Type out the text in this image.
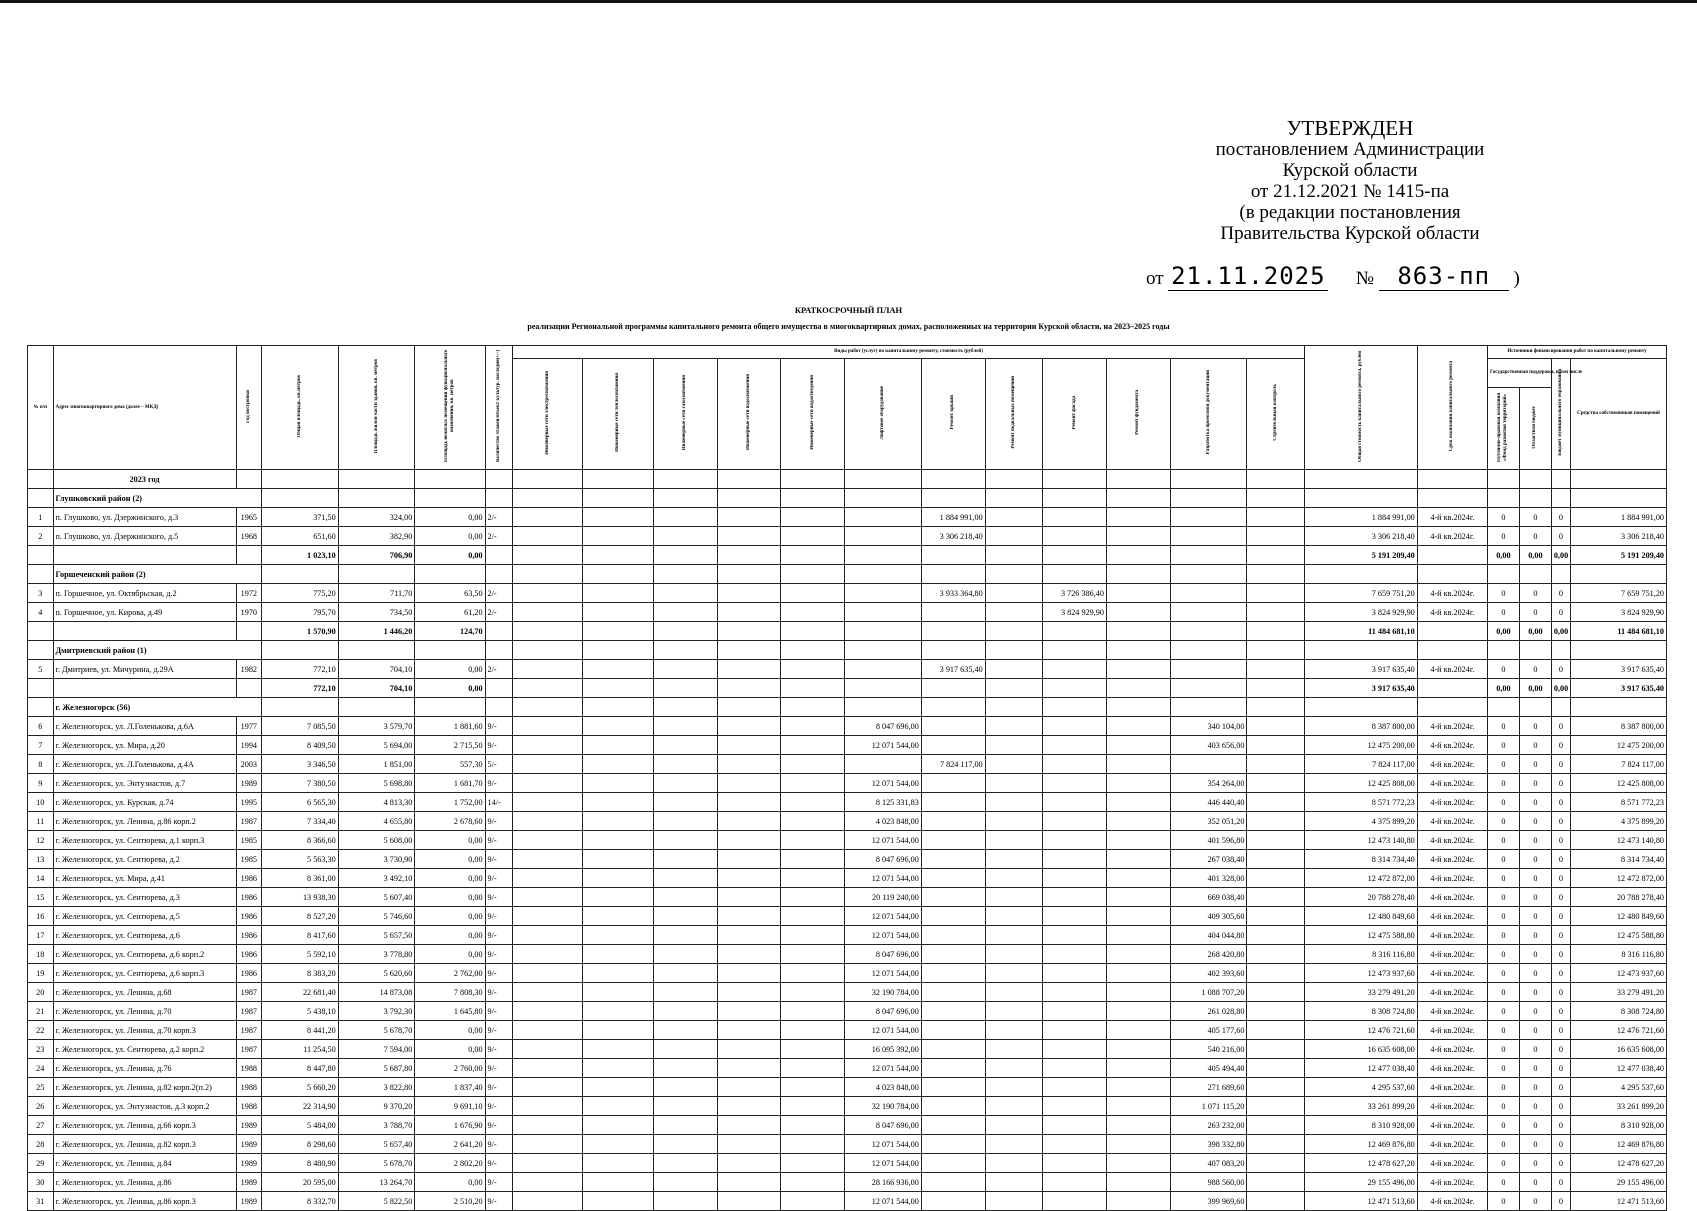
УТВЕРЖДЕН
постановлением Администрации
Курской области
от 21.12.2021 № 1415-па
(в редакции постановления
Правительства Курской области
от 21.11.2025 № 863-пп )
КРАТКОСРОЧНЫЙ ПЛАН
реализации Региональной программы капитального ремонта общего имущества в многоквартирных домах, расположенных на территории Курской области, на 2023–2025 годы
№ п/п	Адрес многоквартирного дома (далее – МКД)	Год постройки	Общая площадь, кв.метров	Площадь жилой части здания, кв. метров	Площадь нежилых помещений функционального назначения, кв. метров	Количество этажей/объект культур. наследия(+/-)	Виды работ (услуг) по капитальному ремонту, стоимость (рублей)												Общая стоимость капитального ремонта, рублей	Срок окончания капитального ремонта	Источники финансирования работ по капитальному ремонту			
							Инженерные сети электроснабжения	Инженерные сети теплоснабжения	Инженерные сети газоснабжения	Инженерные сети водоснабжения	Инженерные сети водоотведения	Лифтовое оборудование	Ремонт крыши	Ремонт подвальных помещений	Ремонт фасада	Ремонт фундамента	Разработка проектной документации	Строительный контроль			Государственная поддержка, в том числе		Бюджет муниципального образования	Средства собственников помещений
																					Публично-правовая компания «Фонд развития территорий»	Областной бюджет		
	2023 год																							
	Глушковский район (2)																							
1	п. Глушково, ул. Дзержинского, д.3	1965	371,50	324,00	0,00	2/-							1 884 991,00						1 884 991,00	4-й кв.2024г.	0	0	0	1 884 991,00
2	п. Глушково, ул. Дзержинского, д.5	1968	651,60	382,90	0,00	2/-							3 306 218,40						3 306 218,40	4-й кв.2024г.	0	0	0	3 306 218,40
			1 023,10	706,90	0,00														5 191 209,40		0,00	0,00	0,00	5 191 209,40
	Горшеченский район (2)																							
3	п. Горшечное, ул. Октябрьская, д.2	1972	775,20	711,70	63,50	2/-							3 933 364,80		3 726 386,40				7 659 751,20	4-й кв.2024г.	0	0	0	7 659 751,20
4	п. Горшечное, ул. Кирова, д.49	1970	795,70	734,50	61,20	2/-									3 824 929,90				3 824 929,90	4-й кв.2024г.	0	0	0	3 824 929,90
			1 570,90	1 446,20	124,70														11 484 681,10		0,00	0,00	0,00	11 484 681,10
	Дмитриевский район (1)																							
5	г. Дмитриев, ул. Мичурина, д.29А	1982	772,10	704,10	0,00	2/-							3 917 635,40						3 917 635,40	4-й кв.2024г.	0	0	0	3 917 635,40
			772,10	704,10	0,00														3 917 635,40		0,00	0,00	0,00	3 917 635,40
	г. Железногорск (56)																							
6	г. Железногорск, ул. Л.Голенькова, д.6А	1977	7 085,50	3 579,70	1 881,60	9/-						8 047 696,00					340 104,00		8 387 800,00	4-й кв.2024г.	0	0	0	8 387 800,00
7	г. Железногорск, ул. Мира, д.20	1994	8 409,50	5 694,00	2 715,50	9/-						12 071 544,00					403 656,00		12 475 200,00	4-й кв.2024г.	0	0	0	12 475 200,00
8	г. Железногорск, ул. Л.Голенькова, д.4А	2003	3 346,50	1 851,00	557,30	5/-							7 824 117,00						7 824 117,00	4-й кв.2024г.	0	0	0	7 824 117,00
9	г. Железногорск, ул. Энтузиастов, д.7	1989	7 380,50	5 698,80	1 681,70	9/-						12 071 544,00					354 264,00		12 425 808,00	4-й кв.2024г.	0	0	0	12 425 808,00
10	г. Железногорск, ул. Курская, д.74	1995	6 565,30	4 813,30	1 752,00	14/-						8 125 331,83					446 440,40		8 571 772,23	4-й кв.2024г.	0	0	0	8 571 772,23
11	г. Железногорск, ул. Ленина, д.86 корп.2	1987	7 334,40	4 655,80	2 678,60	9/-						4 023 848,00					352 051,20		4 375 899,20	4-й кв.2024г.	0	0	0	4 375 899,20
12	г. Железногорск, ул. Сентюрева, д.1 корп.3	1985	8 366,60	5 608,00	0,00	9/-						12 071 544,00					401 596,80		12 473 140,80	4-й кв.2024г.	0	0	0	12 473 140,80
13	г. Железногорск, ул. Сентюрева, д.2	1985	5 563,30	3 730,90	0,00	9/-						8 047 696,00					267 038,40		8 314 734,40	4-й кв.2024г.	0	0	0	8 314 734,40
14	г. Железногорск, ул. Мира, д.41	1986	8 361,00	3 492,10	0,00	9/-						12 071 544,00					401 328,00		12 472 872,00	4-й кв.2024г.	0	0	0	12 472 872,00
15	г. Железногорск, ул. Сентюрева, д.3	1986	13 938,30	5 607,40	0,00	9/-						20 119 240,00					669 038,40		20 788 278,40	4-й кв.2024г.	0	0	0	20 788 278,40
16	г. Железногорск, ул. Сентюрева, д.5	1986	8 527,20	5 746,60	0,00	9/-						12 071 544,00					409 305,60		12 480 849,60	4-й кв.2024г.	0	0	0	12 480 849,60
17	г. Железногорск, ул. Сентюрева, д.6	1986	8 417,60	5 657,50	0,00	9/-						12 071 544,00					404 044,80		12 475 588,80	4-й кв.2024г.	0	0	0	12 475 588,80
18	г. Железногорск, ул. Сентюрева, д.6 корп.2	1986	5 592,10	3 778,80	0,00	9/-						8 047 696,00					268 420,80		8 316 116,80	4-й кв.2024г.	0	0	0	8 316 116,80
19	г. Железногорск, ул. Сентюрева, д.6 корп.3	1986	8 383,20	5 620,60	2 762,00	9/-						12 071 544,00					402 393,60		12 473 937,60	4-й кв.2024г.	0	0	0	12 473 937,60
20	г. Железногорск, ул. Ленина, д.68	1987	22 681,40	14 873,08	7 808,30	9/-						32 190 784,00					1 088 707,20		33 279 491,20	4-й кв.2024г.	0	0	0	33 279 491,20
21	г. Железногорск, ул. Ленина, д.70	1987	5 438,10	3 792,30	1 645,80	9/-						8 047 696,00					261 028,80		8 308 724,80	4-й кв.2024г.	0	0	0	8 308 724,80
22	г. Железногорск, ул. Ленина, д.70 корп.3	1987	8 441,20	5 678,70	0,00	9/-						12 071 544,00					405 177,60		12 476 721,60	4-й кв.2024г.	0	0	0	12 476 721,60
23	г. Железногорск, ул. Сентюрева, д.2 корп.2	1987	11 254,50	7 594,00	0,00	9/-						16 095 392,00					540 216,00		16 635 608,00	4-й кв.2024г.	0	0	0	16 635 608,00
24	г. Железногорск, ул. Ленина, д.76	1988	8 447,80	5 687,80	2 760,00	9/-						12 071 544,00					405 494,40		12 477 038,40	4-й кв.2024г.	0	0	0	12 477 038,40
25	г. Железногорск, ул. Ленина, д.82 корп.2(п.2)	1988	5 660,20	3 822,80	1 837,40	9/-						4 023 848,00					271 689,60		4 295 537,60	4-й кв.2024г.	0	0	0	4 295 537,60
26	г. Железногорск, ул. Энтузиастов, д.3 корп.2	1988	22 314,90	9 370,20	9 691,10	9/-						32 190 784,00					1 071 115,20		33 261 899,20	4-й кв.2024г.	0	0	0	33 261 899,20
27	г. Железногорск, ул. Ленина, д.66 корп.3	1989	5 484,00	3 788,70	1 676,90	9/-						8 047 696,00					263 232,00		8 310 928,00	4-й кв.2024г.	0	0	0	8 310 928,00
28	г. Железногорск, ул. Ленина, д.82 корп.3	1989	8 298,60	5 657,40	2 641,20	9/-						12 071 544,00					398 332,80		12 469 876,80	4-й кв.2024г.	0	0	0	12 469 876,80
29	г. Железногорск, ул. Ленина, д.84	1989	8 480,90	5 678,70	2 802,20	9/-						12 071 544,00					407 083,20		12 478 627,20	4-й кв.2024г.	0	0	0	12 478 627,20
30	г. Железногорск, ул. Ленина, д.86	1989	20 595,00	13 264,70	0,00	9/-						28 166 936,00					988 560,00		29 155 496,00	4-й кв.2024г.	0	0	0	29 155 496,00
31	г. Железногорск, ул. Ленина, д.86 корп.3	1989	8 332,70	5 822,50	2 510,20	9/-						12 071 544,00					399 969,60		12 471 513,60	4-й кв.2024г.	0	0	0	12 471 513,60
